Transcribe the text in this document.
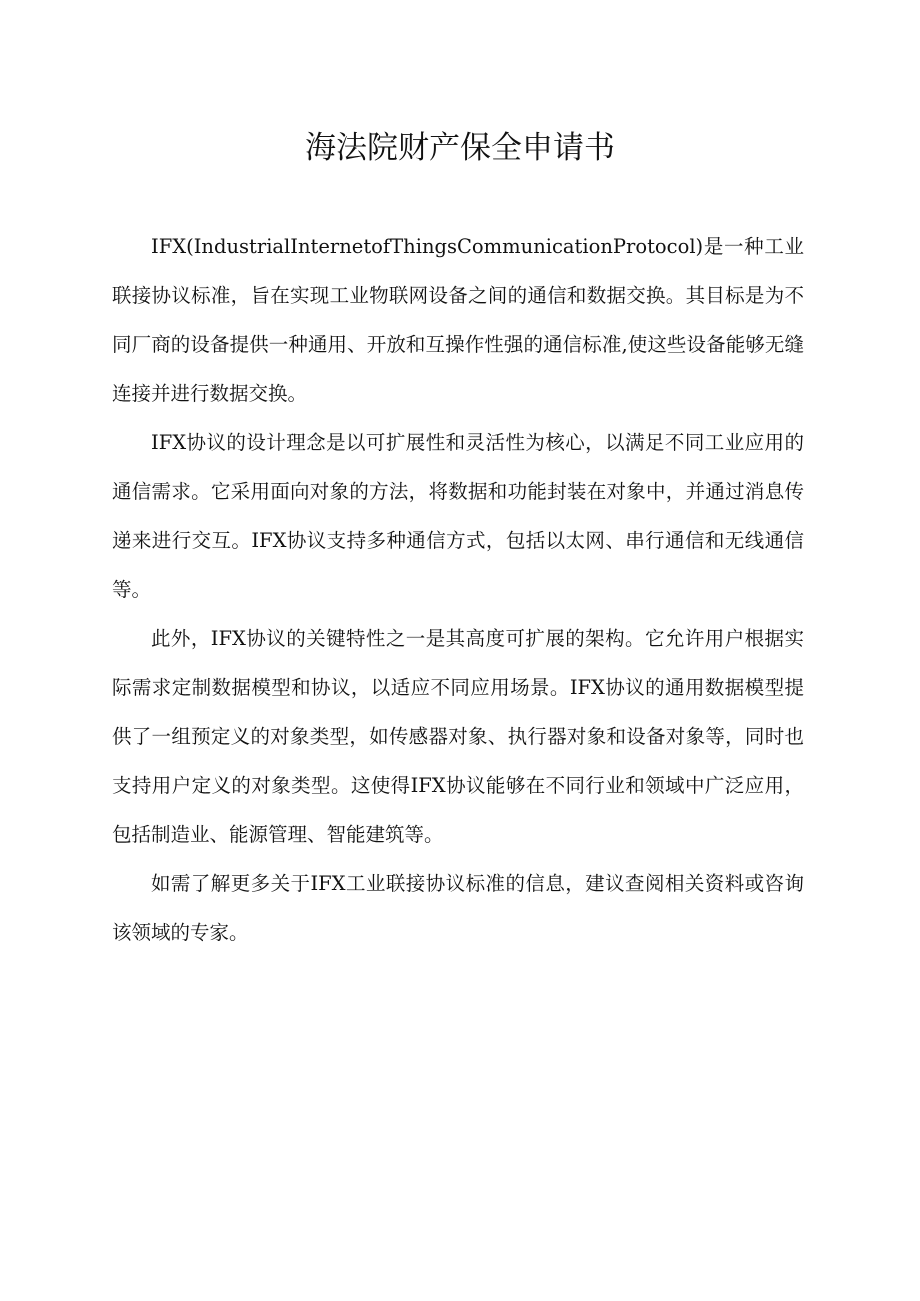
海法院财产保全申请书

IFX(IndustrialInternetofThingsCommunicationProtocol)是一种工业联接协议标准，旨在实现工业物联网设备之间的通信和数据交换。其目标是为不同厂商的设备提供一种通用、开放和互操作性强的通信标准,使这些设备能够无缝连接并进行数据交换。

IFX协议的设计理念是以可扩展性和灵活性为核心，以满足不同工业应用的通信需求。它采用面向对象的方法，将数据和功能封装在对象中，并通过消息传递来进行交互。IFX协议支持多种通信方式，包括以太网、串行通信和无线通信等。

此外，IFX协议的关键特性之一是其高度可扩展的架构。它允许用户根据实际需求定制数据模型和协议，以适应不同应用场景。IFX协议的通用数据模型提供了一组预定义的对象类型，如传感器对象、执行器对象和设备对象等，同时也支持用户定义的对象类型。这使得IFX协议能够在不同行业和领域中广泛应用，包括制造业、能源管理、智能建筑等。

如需了解更多关于IFX工业联接协议标准的信息，建议查阅相关资料或咨询该领域的专家。
